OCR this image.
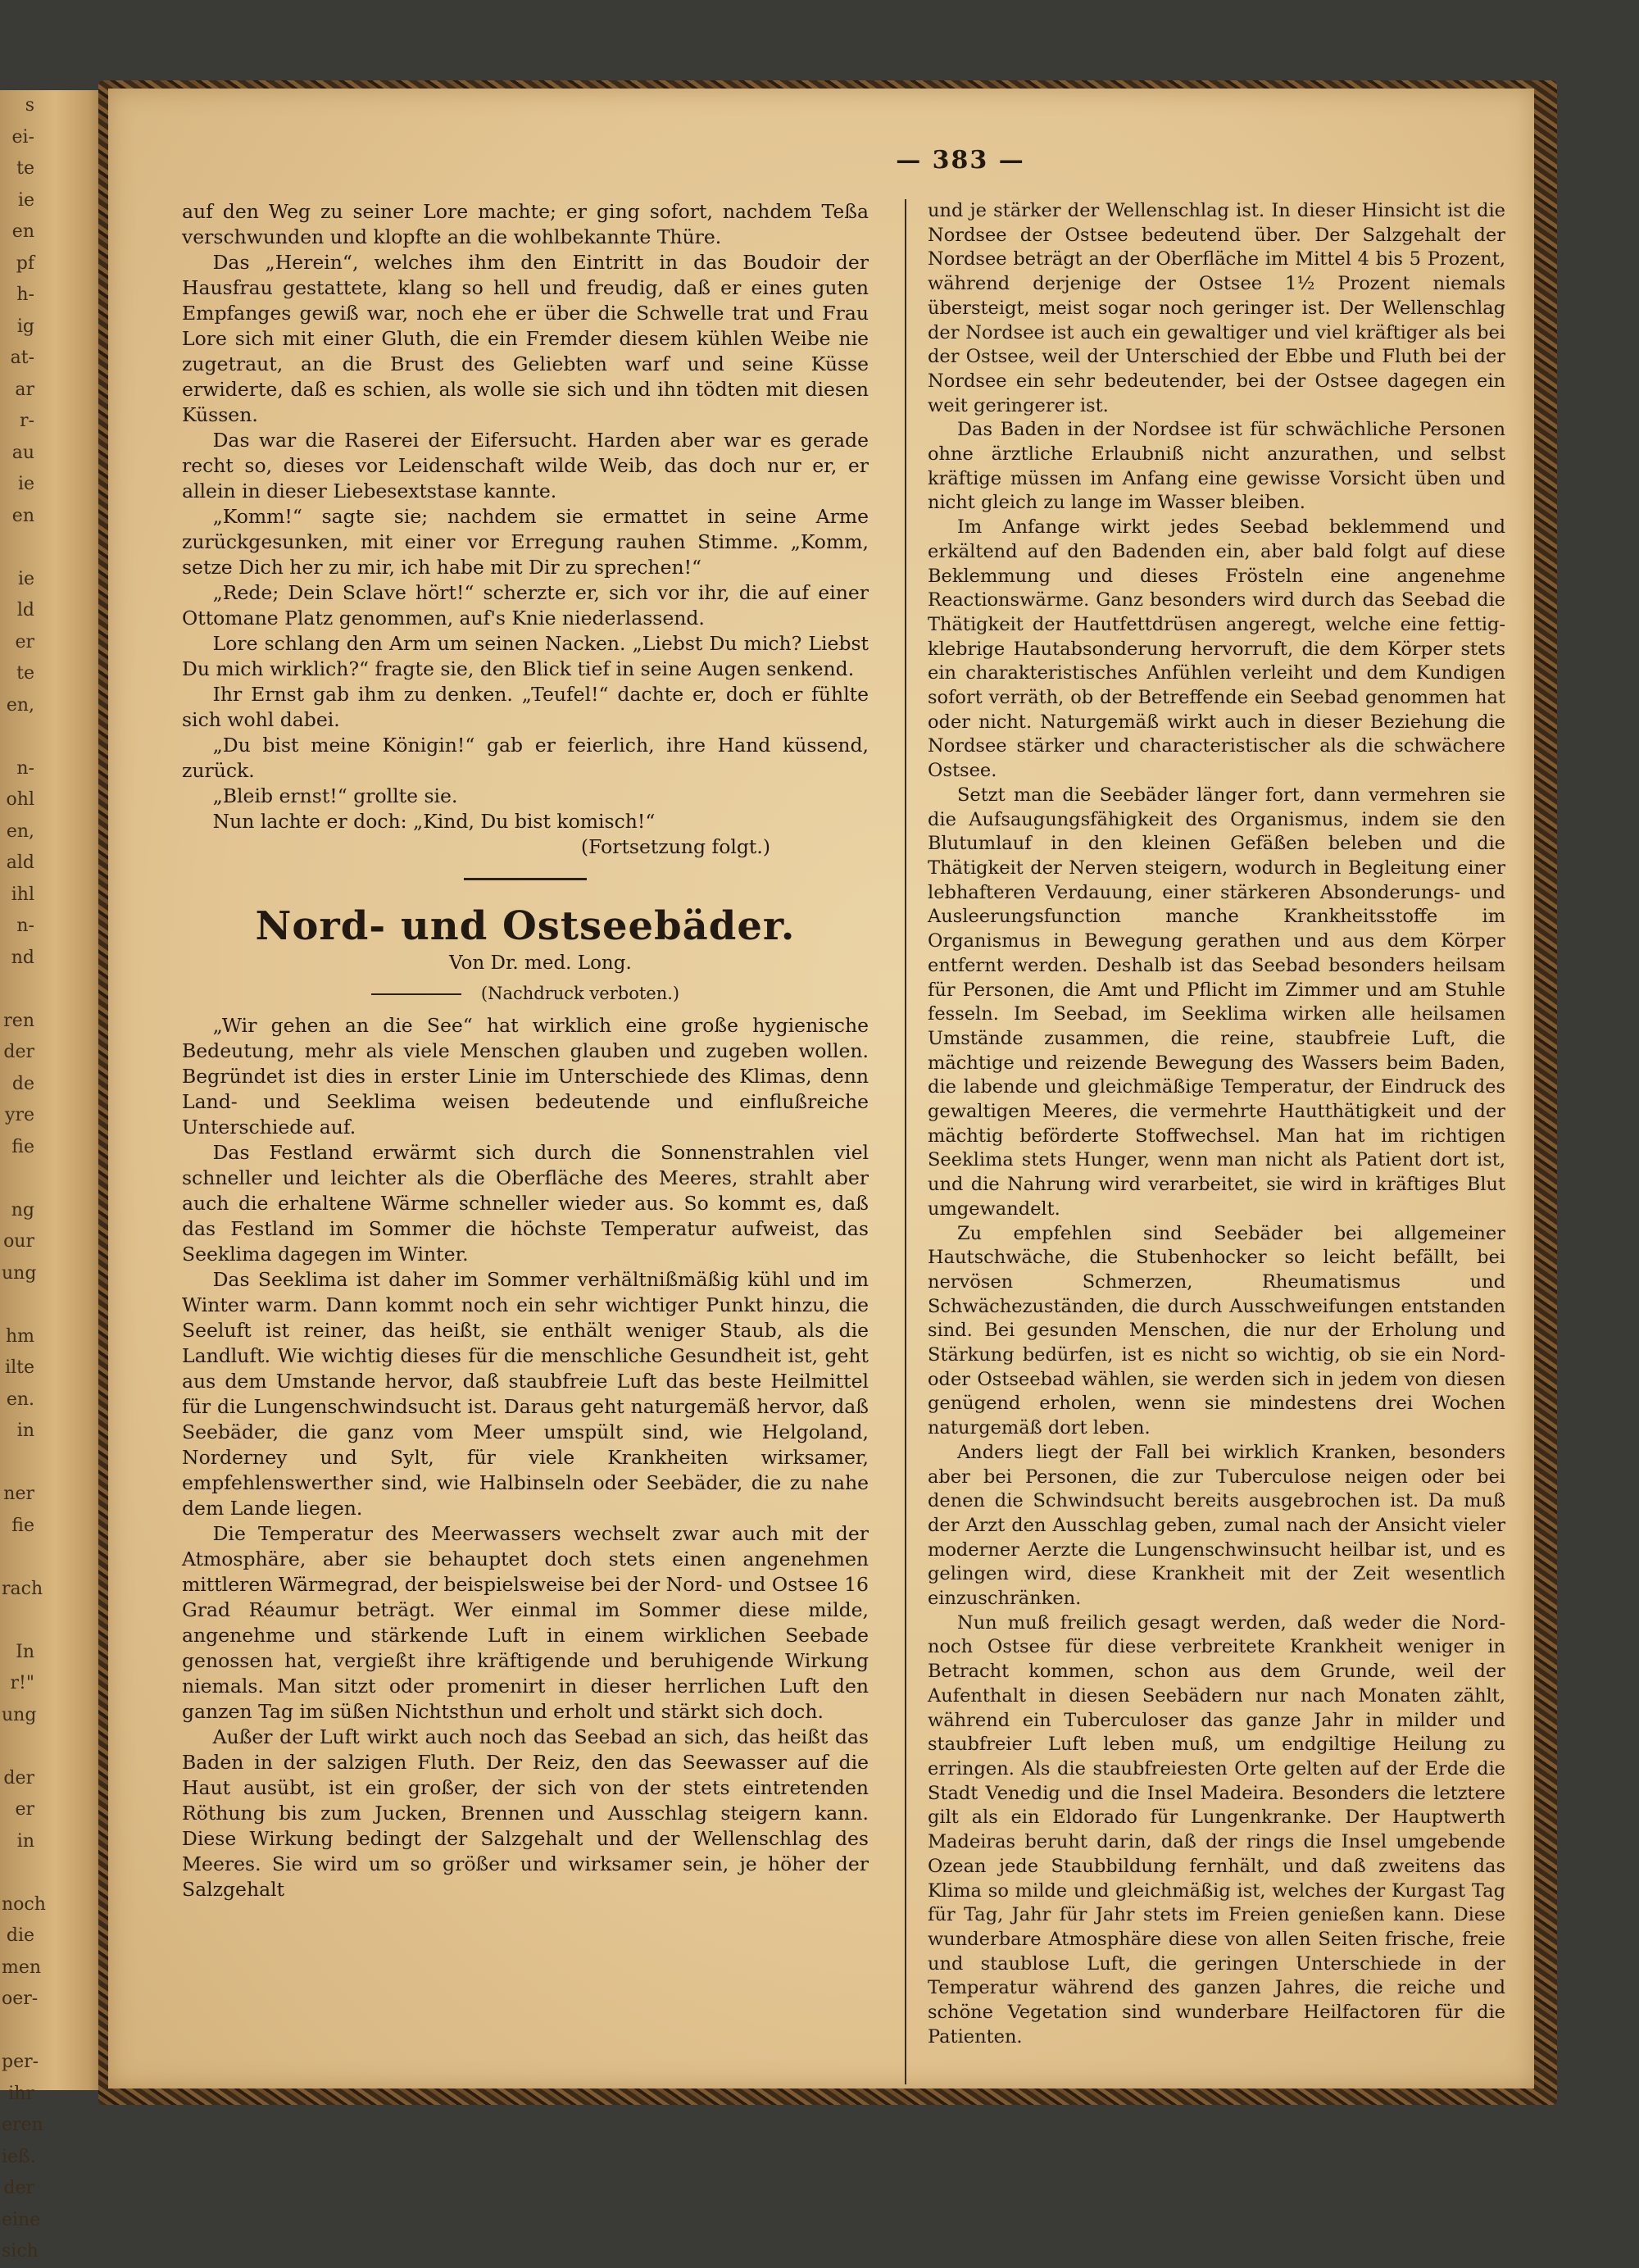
s
ei-
te
ie
en
pf
h-
ig
at-
ar
r-
au
ie
en

ie
ld
er
te
en,

n-
ohl
en,
ald
ihl
n-
nd

ren
der
de
yre
fie

ng
our
ung

hm
ilte
en.
in

ner
fie

rach

In
r!"
ung

der
er
in

noch
die
men
oer-

per-
ihr
eren
ieß.
der
eine
sich
— 383 —

auf den Weg zu seiner Lore machte; er ging sofort, nachdem Teßa verschwunden und klopfte an die wohlbekannte Thüre.

Das „Herein“, welches ihm den Eintritt in das Boudoir der Hausfrau gestattete, klang so hell und freudig, daß er eines guten Empfanges gewiß war, noch ehe er über die Schwelle trat und Frau Lore sich mit einer Gluth, die ein Fremder diesem kühlen Weibe nie zugetraut, an die Brust des Geliebten warf und seine Küsse erwiderte, daß es schien, als wolle sie sich und ihn tödten mit diesen Küssen.

Das war die Raserei der Eifersucht. Harden aber war es gerade recht so, dieses vor Leidenschaft wilde Weib, das doch nur er, er allein in dieser Liebesextstase kannte.

„Komm!“ sagte sie; nachdem sie ermattet in seine Arme zurückgesunken, mit einer vor Erregung rauhen Stimme. „Komm, setze Dich her zu mir, ich habe mit Dir zu sprechen!“

„Rede; Dein Sclave hört!“ scherzte er, sich vor ihr, die auf einer Ottomane Platz genommen, auf's Knie niederlassend.

Lore schlang den Arm um seinen Nacken. „Liebst Du mich? Liebst Du mich wirklich?“ fragte sie, den Blick tief in seine Augen senkend.

Ihr Ernst gab ihm zu denken. „Teufel!“ dachte er, doch er fühlte sich wohl dabei.

„Du bist meine Königin!“ gab er feierlich, ihre Hand küssend, zurück.

„Bleib ernst!“ grollte sie.

Nun lachte er doch: „Kind, Du bist komisch!“

(Fortsetzung folgt.)

Nord- und Ostseebäder.

Von Dr. med. Long.

(Nachdruck verboten.)

„Wir gehen an die See“ hat wirklich eine große hygienische Bedeutung, mehr als viele Menschen glauben und zugeben wollen. Begründet ist dies in erster Linie im Unterschiede des Klimas, denn Land- und Seeklima weisen bedeutende und einflußreiche Unterschiede auf.

Das Festland erwärmt sich durch die Sonnenstrahlen viel schneller und leichter als die Oberfläche des Meeres, strahlt aber auch die erhaltene Wärme schneller wieder aus. So kommt es, daß das Festland im Sommer die höchste Temperatur aufweist, das Seeklima dagegen im Winter.

Das Seeklima ist daher im Sommer verhältnißmäßig kühl und im Winter warm. Dann kommt noch ein sehr wichtiger Punkt hinzu, die Seeluft ist reiner, das heißt, sie enthält weniger Staub, als die Landluft. Wie wichtig dieses für die menschliche Gesundheit ist, geht aus dem Umstande hervor, daß staubfreie Luft das beste Heilmittel für die Lungenschwindsucht ist. Daraus geht naturgemäß hervor, daß Seebäder, die ganz vom Meer umspült sind, wie Helgoland, Norderney und Sylt, für viele Krankheiten wirksamer, empfehlenswerther sind, wie Halbinseln oder Seebäder, die zu nahe dem Lande liegen.

Die Temperatur des Meerwassers wechselt zwar auch mit der Atmosphäre, aber sie behauptet doch stets einen angenehmen mittleren Wärmegrad, der beispielsweise bei der Nord- und Ostsee 16 Grad Réaumur beträgt. Wer einmal im Sommer diese milde, angenehme und stärkende Luft in einem wirklichen Seebade genossen hat, vergießt ihre kräftigende und beruhigende Wirkung niemals. Man sitzt oder promenirt in dieser herrlichen Luft den ganzen Tag im süßen Nichtsthun und erholt und stärkt sich doch.

Außer der Luft wirkt auch noch das Seebad an sich, das heißt das Baden in der salzigen Fluth. Der Reiz, den das Seewasser auf die Haut ausübt, ist ein großer, der sich von der stets eintretenden Röthung bis zum Jucken, Brennen und Ausschlag steigern kann. Diese Wirkung bedingt der Salzgehalt und der Wellenschlag des Meeres. Sie wird um so größer und wirksamer sein, je höher der Salzgehalt

und je stärker der Wellenschlag ist. In dieser Hinsicht ist die Nordsee der Ostsee bedeutend über. Der Salzgehalt der Nordsee beträgt an der Oberfläche im Mittel 4 bis 5 Prozent, während derjenige der Ostsee 1½ Prozent niemals übersteigt, meist sogar noch geringer ist. Der Wellenschlag der Nordsee ist auch ein gewaltiger und viel kräftiger als bei der Ostsee, weil der Unterschied der Ebbe und Fluth bei der Nordsee ein sehr bedeutender, bei der Ostsee dagegen ein weit geringerer ist.

Das Baden in der Nordsee ist für schwächliche Personen ohne ärztliche Erlaubniß nicht anzurathen, und selbst kräftige müssen im Anfang eine gewisse Vorsicht üben und nicht gleich zu lange im Wasser bleiben.

Im Anfange wirkt jedes Seebad beklemmend und erkältend auf den Badenden ein, aber bald folgt auf diese Beklemmung und dieses Frösteln eine angenehme Reactionswärme. Ganz besonders wird durch das Seebad die Thätigkeit der Hautfettdrüsen angeregt, welche eine fettig-klebrige Hautabsonderung hervorruft, die dem Körper stets ein charakteristisches Anfühlen verleiht und dem Kundigen sofort verräth, ob der Betreffende ein Seebad genommen hat oder nicht. Naturgemäß wirkt auch in dieser Beziehung die Nordsee stärker und characteristischer als die schwächere Ostsee.

Setzt man die Seebäder länger fort, dann vermehren sie die Aufsaugungsfähigkeit des Organismus, indem sie den Blutumlauf in den kleinen Gefäßen beleben und die Thätigkeit der Nerven steigern, wodurch in Begleitung einer lebhafteren Verdauung, einer stärkeren Absonderungs- und Ausleerungsfunction manche Krankheitsstoffe im Organismus in Bewegung gerathen und aus dem Körper entfernt werden. Deshalb ist das Seebad besonders heilsam für Personen, die Amt und Pflicht im Zimmer und am Stuhle fesseln. Im Seebad, im Seeklima wirken alle heilsamen Umstände zusammen, die reine, staubfreie Luft, die mächtige und reizende Bewegung des Wassers beim Baden, die labende und gleichmäßige Temperatur, der Eindruck des gewaltigen Meeres, die vermehrte Hautthätigkeit und der mächtig beförderte Stoffwechsel. Man hat im richtigen Seeklima stets Hunger, wenn man nicht als Patient dort ist, und die Nahrung wird verarbeitet, sie wird in kräftiges Blut umgewandelt.

Zu empfehlen sind Seebäder bei allgemeiner Hautschwäche, die Stubenhocker so leicht befällt, bei nervösen Schmerzen, Rheumatismus und Schwächezuständen, die durch Ausschweifungen entstanden sind. Bei gesunden Menschen, die nur der Erholung und Stärkung bedürfen, ist es nicht so wichtig, ob sie ein Nord- oder Ostseebad wählen, sie werden sich in jedem von diesen genügend erholen, wenn sie mindestens drei Wochen naturgemäß dort leben.

Anders liegt der Fall bei wirklich Kranken, besonders aber bei Personen, die zur Tuberculose neigen oder bei denen die Schwindsucht bereits ausgebrochen ist. Da muß der Arzt den Ausschlag geben, zumal nach der Ansicht vieler moderner Aerzte die Lungenschwinsucht heilbar ist, und es gelingen wird, diese Krankheit mit der Zeit wesentlich einzuschränken.

Nun muß freilich gesagt werden, daß weder die Nord- noch Ostsee für diese verbreitete Krankheit weniger in Betracht kommen, schon aus dem Grunde, weil der Aufenthalt in diesen Seebädern nur nach Monaten zählt, während ein Tuberculoser das ganze Jahr in milder und staubfreier Luft leben muß, um endgiltige Heilung zu erringen. Als die staubfreiesten Orte gelten auf der Erde die Stadt Venedig und die Insel Madeira. Besonders die letztere gilt als ein Eldorado für Lungenkranke. Der Hauptwerth Madeiras beruht darin, daß der rings die Insel umgebende Ozean jede Staubbildung fernhält, und daß zweitens das Klima so milde und gleichmäßig ist, welches der Kurgast Tag für Tag, Jahr für Jahr stets im Freien genießen kann. Diese wunderbare Atmosphäre diese von allen Seiten frische, freie und staublose Luft, die geringen Unterschiede in der Temperatur während des ganzen Jahres, die reiche und schöne Vegetation sind wunderbare Heilfactoren für die Patienten.
